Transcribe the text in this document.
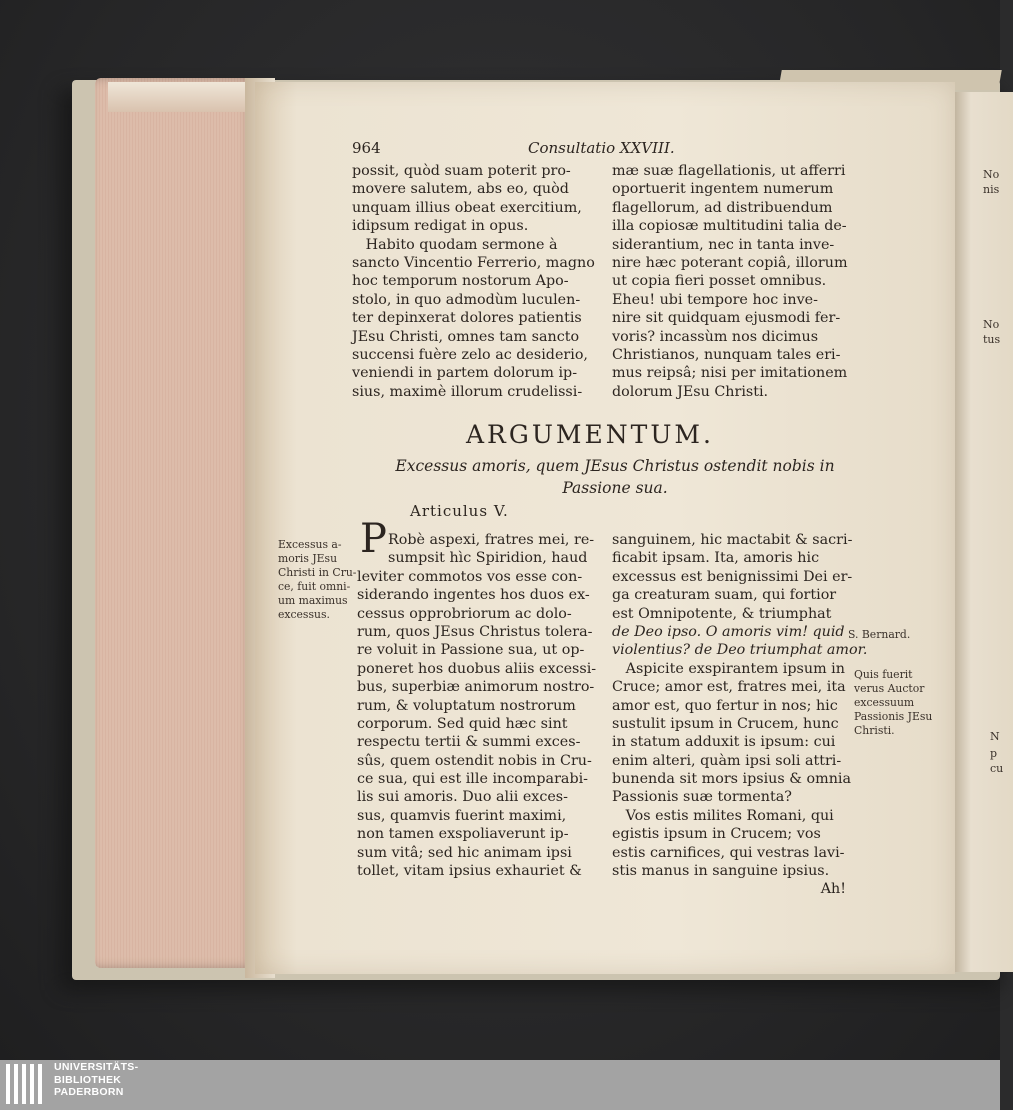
964	Consultatio XXVIII.
possit, quòd suam poterit pro-
movere salutem, abs eo, quòd
unquam illius obeat exercitium,
idipsum redigat in opus.
Habito quodam sermone à
sancto Vincentio Ferrerio, magno
hoc temporum nostorum Apo-
stolo, in quo admodùm luculen-
ter depinxerat dolores patientis
JEsu Christi, omnes tam sancto
succensi fuère zelo ac desiderio,
veniendi in partem dolorum ip-
sius, maximè illorum crudelissi-
mæ suæ flagellationis, ut afferri
oportuerit ingentem numerum
flagellorum, ad distribuendum
illa copiosæ multitudini talia de-
siderantium, nec in tanta inve-
nire hæc poterant copiâ, illorum
ut copia fieri posset omnibus.
Eheu! ubi tempore hoc inve-
nire sit quidquam ejusmodi fer-
voris? incassùm nos dicimus
Christianos, nunquam tales eri-
mus reipsâ; nisi per imitationem
dolorum JEsu Christi.
ARGUMENTUM.
Excessus amoris, quem JEsus Christus ostendit nobis in
Passione sua.
Articulus V.
P Robè aspexi, fratres mei, re-
sumpsit hìc Spiridion, haud
leviter commotos vos esse con-
siderando ingentes hos duos ex-
cessus opprobriorum ac dolo-
rum, quos JEsus Christus tolera-
re voluit in Passione sua, ut op-
poneret hos duobus aliis excessi-
bus, superbiæ animorum nostro-
rum, & voluptatum nostrorum
corporum. Sed quid hæc sint
respectu tertii & summi exces-
sûs, quem ostendit nobis in Cru-
ce sua, qui est ille incomparabi-
lis sui amoris. Duo alii exces-
sus, quamvis fuerint maximi,
non tamen exspoliaverunt ip-
sum vitâ; sed hic animam ipsi
tollet, vitam ipsius exhauriet &
sanguinem, hic mactabit & sacri-
ficabit ipsam. Ita, amoris hic
excessus est benignissimi Dei er-
ga creaturam suam, qui fortior
est Omnipotente, & triumphat
de Deo ipso. O amoris vim! quid
violentius? de Deo triumphat amor.
Aspicite exspirantem ipsum in
Cruce; amor est, fratres mei, ita
amor est, quo fertur in nos; hic
sustulit ipsum in Crucem, hunc
in statum adduxit is ipsum: cui
enim alteri, quàm ipsi soli attri-
bunenda sit mors ipsius & omnia
Passionis suæ tormenta?
Vos estis milites Romani, qui
egistis ipsum in Crucem; vos
estis carnifices, qui vestras lavi-
stis manus in sanguine ipsius.
Ah!
Excessus a-
moris JEsu
Christi in Cru-
ce, fuit omni-
um maximus
excessus.
S. Bernard.
Quis fuerit
verus Auctor
excessuum
Passionis JEsu
Christi.
No
nis
No
tus
N
p
cu
UNIVERSITÄTS-
BIBLIOTHEK
PADERBORN
